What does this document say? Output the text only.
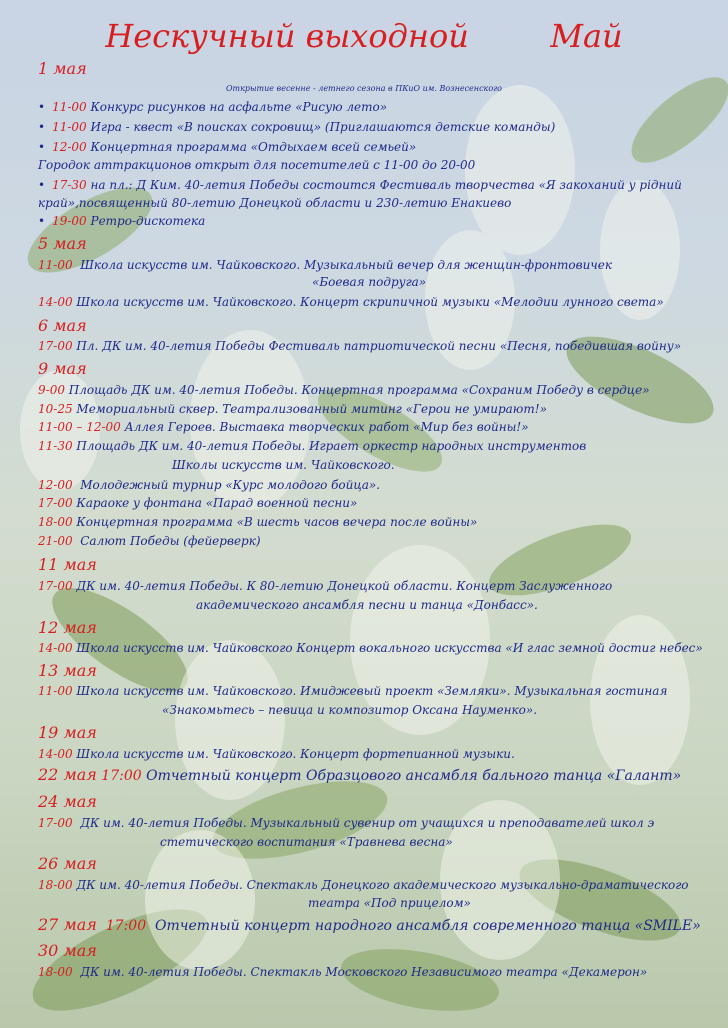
Нескучный выходной        Май
1 мая
Открытие весенне - летнего сезона в ПКиО им. Вознесенского
• 11-00 Конкурс рисунков на асфальте «Рисую лето»
• 11-00 Игра - квест «В поисках сокровищ» (Приглашаются детские команды)
• 12-00 Концертная программа «Отдыхаем всей семьей»
Городок аттракционов открыт для посетителей с 11-00 до 20-00
• 17-30 на пл.: Д Ким. 40-летия Победы состоится Фестиваль творчества «Я закоханий у рідний
край»,посвященный 80-летию Донецкой области и 230-летию Енакиево
• 19-00 Ретро-дискотека
5 мая
11-00 Школа искусств им. Чайковского. Музыкальный вечер для женщин-фронтовичек
«Боевая подруга»
14-00 Школа искусств им. Чайковского. Концерт скрипичной музыки «Мелодии лунного света»
6 мая
17-00 Пл. ДК им. 40-летия Победы Фестиваль патриотической песни «Песня, победившая войну»
9 мая
9-00 Площадь ДК им. 40-летия Победы. Концертная программа «Сохраним Победу в сердце»
10-25 Мемориальный сквер. Театрализованный митинг «Герои не умирают!»
11-00 – 12-00 Аллея Героев. Выставка творческих работ «Мир без войны!»
11-30 Площадь ДК им. 40-летия Победы. Играет оркестр народных инструментов
Школы искусств им. Чайковского.
12-00 Молодежный турнир «Курс молодого бойца».
17-00 Караоке у фонтана «Парад военной песни»
18-00 Концертная программа «В шесть часов вечера после войны»
21-00 Салют Победы (фейерверк)
11 мая
17-00 ДК им. 40-летия Победы. К 80-летию Донецкой области. Концерт Заслуженного
академического ансамбля песни и танца «Донбасс».
12 мая
14-00 Школа искусств им. Чайковского Концерт вокального искусства «И глас земной достиг небес»
13 мая
11-00 Школа искусств им. Чайковского. Имиджевый проект «Земляки». Музыкальная гостиная
«Знакомьтесь – певица и композитор Оксана Науменко».
19 мая
14-00 Школа искусств им. Чайковского. Концерт фортепианной музыки.
22 мая 17:00 Отчетный концерт Образцового ансамбля бального танца «Галант»
24 мая
17-00 ДК им. 40-летия Победы. Музыкальный сувенир от учащихся и преподавателей школ э
стетического воспитания «Травнева весна»
26 мая
18-00 ДК им. 40-летия Победы. Спектакль Донецкого академического музыкально-драматического
театра «Под прицелом»
27 мая 17:00 Отчетный концерт народного ансамбля современного танца «SMILE»
30 мая
18-00 ДК им. 40-летия Победы. Спектакль Московского Независимого театра «Декамерон»
